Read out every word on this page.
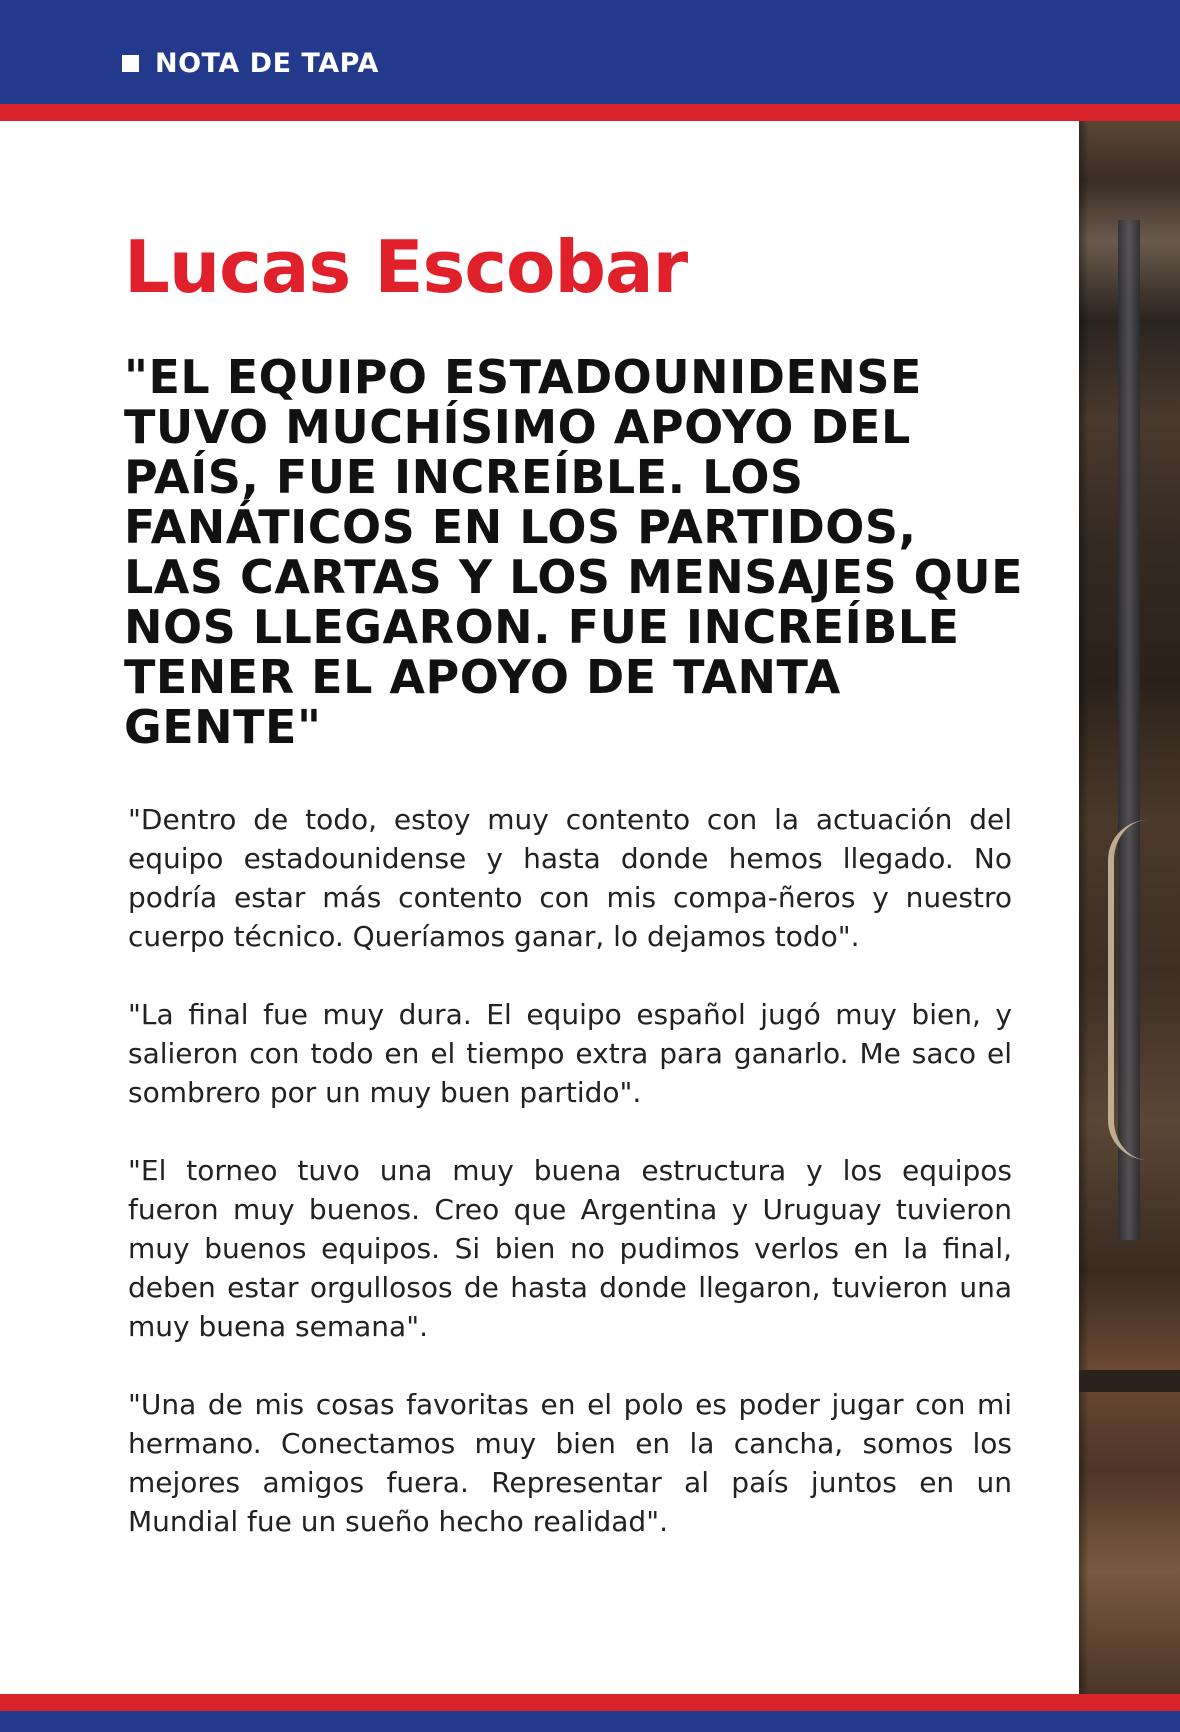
NOTA DE TAPA
Lucas Escobar
"EL EQUIPO ESTADOUNIDENSE TUVO MUCHÍSIMO APOYO DEL PAÍS, FUE INCREÍBLE. LOS FANÁTICOS EN LOS PARTIDOS, LAS CARTAS Y LOS MENSAJES QUE NOS LLEGARON. FUE INCREÍBLE TENER EL APOYO DE TANTA GENTE"

"Dentro de todo, estoy muy contento con la actuación del equipo estadounidense y hasta donde hemos llegado. No podría estar más contento con mis compa-ñeros y nuestro cuerpo técnico. Queríamos ganar, lo dejamos todo".

"La final fue muy dura. El equipo español jugó muy bien, y salieron con todo en el tiempo extra para ganarlo. Me saco el sombrero por un muy buen partido".

"El torneo tuvo una muy buena estructura y los equipos fueron muy buenos. Creo que Argentina y Uruguay tuvieron muy buenos equipos. Si bien no pudimos verlos en la final, deben estar orgullosos de hasta donde llegaron, tuvieron una muy buena semana".

"Una de mis cosas favoritas en el polo es poder jugar con mi hermano. Conectamos muy bien en la cancha, somos los mejores amigos fuera. Representar al país juntos en un Mundial fue un sueño hecho realidad".
